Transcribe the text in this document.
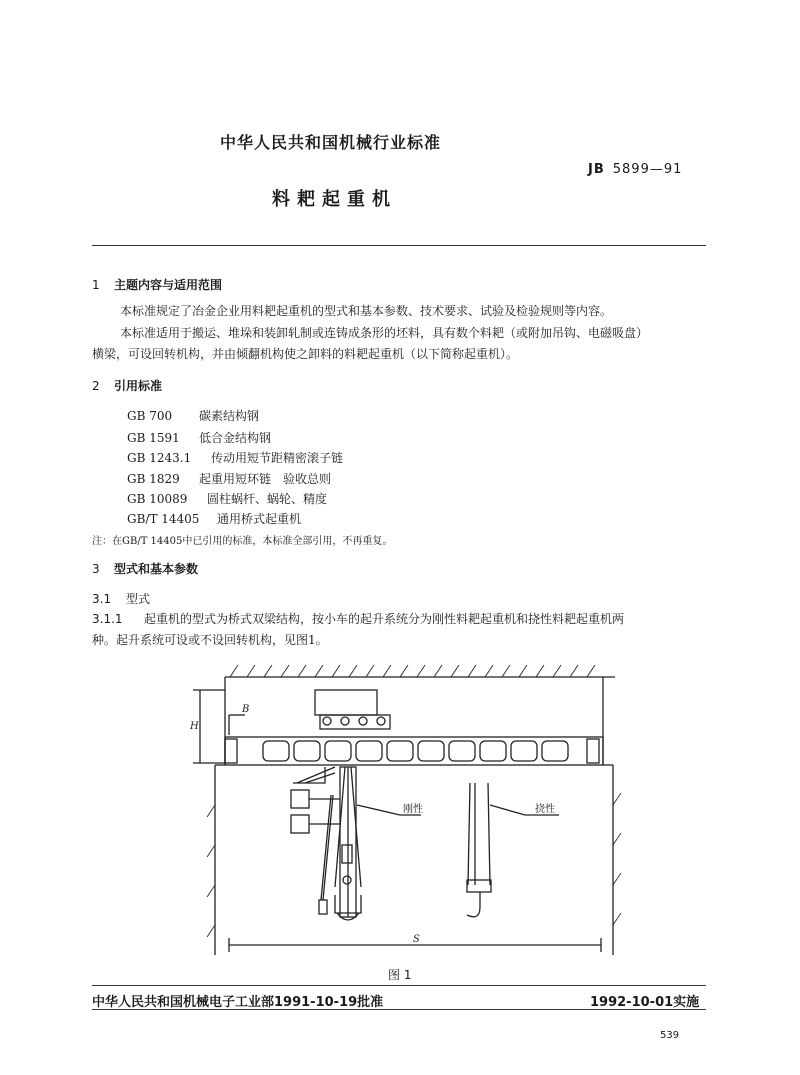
中华人民共和国机械行业标准
JB 5899—91
料耙起重机
1 主题内容与适用范围
本标准规定了冶金企业用料耙起重机的型式和基本参数、技术要求、试验及检验规则等内容。
本标准适用于搬运、堆垛和装卸轧制或连铸成条形的坯料，具有数个料耙（或附加吊钩、电磁吸盘）
横梁，可设回转机构，并由倾翻机构使之卸料的料耙起重机（以下简称起重机）。
2 引用标准
GB 700 碳素结构钢
GB 1591 低合金结构钢
GB 1243.1 传动用短节距精密滚子链
GB 1829 起重用短环链　验收总则
GB 10089 圆柱蜗杆、蜗轮、精度
GB/T 14405 通用桥式起重机
注：在GB/T 14405中已引用的标准，本标准全部引用，不再重复。
3 型式和基本参数
3.1 型式
3.1.1 起重机的型式为桥式双梁结构，按小车的起升系统分为刚性料耙起重机和挠性料耙起重机两
种。起升系统可设或不设回转机构，见图1。
H
B
刚性	挠性
S
图 1
中华人民共和国机械电子工业部1991-10-19批准	1992-10-01实施
539
